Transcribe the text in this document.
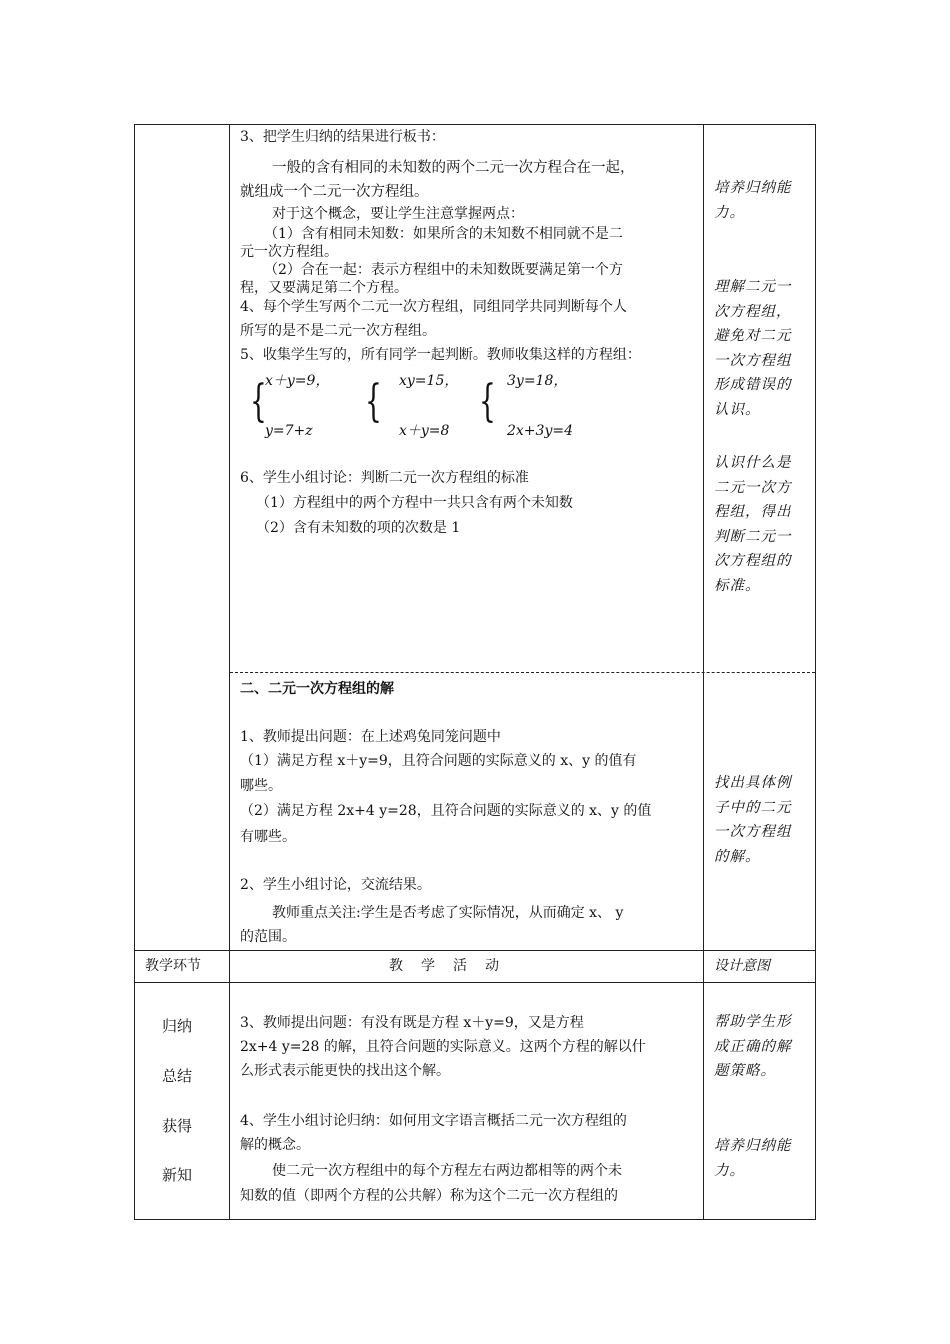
3、把学生归纳的结果进行板书：
一般的含有相同的未知数的两个二元一次方程合在一起，
就组成一个二元一次方程组。
对于这个概念，要让学生注意掌握两点：
（1）含有相同未知数：如果所含的未知数不相同就不是二
元一次方程组。
（2）合在一起：表示方程组中的未知数既要满足第一个方
程，又要满足第二个方程。
4、每个学生写两个二元一次方程组，同组同学共同判断每个人
所写的是不是二元一次方程组。
5、收集学生写的，所有同学一起判断。教师收集这样的方程组：
{
x＋y=9，
y=7+z
{ xy=15，
x＋y=8
{ 3y=18，
2x+3y=4
6、学生小组讨论：判断二元一次方程组的标准
（1）方程组中的两个方程中一共只含有两个未知数
（2）含有未知数的项的次数是 1
培养归纳能力。
理解二元一次方程组，避免对二元一次方程组形成错误的认识。
认识什么是二元一次方程组，得出判断二元一次方程组的标准。
二、二元一次方程组的解
1、教师提出问题：在上述鸡兔同笼问题中
（1）满足方程 x＋y=9，且符合问题的实际意义的 x、y 的值有
哪些。
（2）满足方程 2x+4 y=28，且符合问题的实际意义的 x、y 的值
有哪些。
2、学生小组讨论，交流结果。
教师重点关注:学生是否考虑了实际情况，从而确定 x、 y
的范围。
找出具体例子中的二元一次方程组的解。
教学环节	教　学　活　动	设计意图
归纳
总结
获得
新知
3、教师提出问题：有没有既是方程 x＋y=9，又是方程
2x+4 y=28 的解，且符合问题的实际意义。这两个方程的解以什
么形式表示能更快的找出这个解。
4、学生小组讨论归纳：如何用文字语言概括二元一次方程组的
解的概念。
使二元一次方程组中的每个方程左右两边都相等的两个未
知数的值（即两个方程的公共解）称为这个二元一次方程组的
帮助学生形成正确的解题策略。
培养归纳能力。
